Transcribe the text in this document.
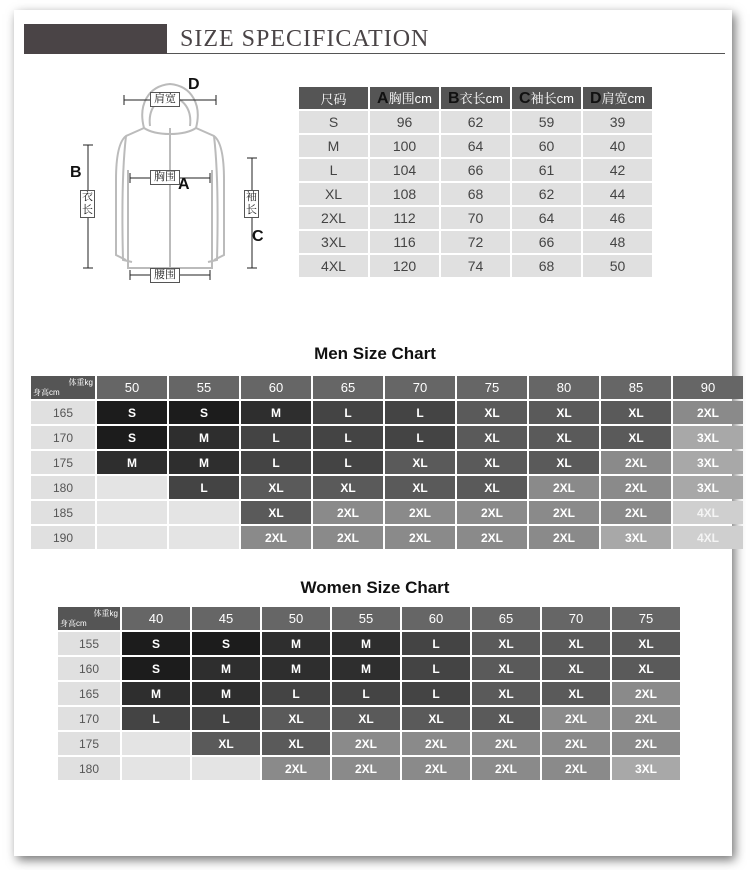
SIZE SPECIFICATION
肩宽
胸围
腰围
衣长
袖长
D
A
B
C
尺码	A胸围cm	B衣长cm	C袖长cm	D肩宽cm
S	96	62	59	39
M	100	64	60	40
L	104	66	61	42
XL	108	68	62	44
2XL	112	70	64	46
3XL	116	72	66	48
4XL	120	74	68	50
Men Size Chart
体重kg
身高cm	50	55	60	65	70	75	80	85	90
165	S	S	M	L	L	XL	XL	XL	2XL
170	S	M	L	L	L	XL	XL	XL	3XL
175	M	M	L	L	XL	XL	XL	2XL	3XL
180		L	XL	XL	XL	XL	2XL	2XL	3XL
185			XL	2XL	2XL	2XL	2XL	2XL	4XL
190			2XL	2XL	2XL	2XL	2XL	3XL	4XL
Women Size Chart
体重kg
身高cm	40	45	50	55	60	65	70	75
155	S	S	M	M	L	XL	XL	XL
160	S	M	M	M	L	XL	XL	XL
165	M	M	L	L	L	XL	XL	2XL
170	L	L	XL	XL	XL	XL	2XL	2XL
175		XL	XL	2XL	2XL	2XL	2XL	2XL
180			2XL	2XL	2XL	2XL	2XL	3XL
